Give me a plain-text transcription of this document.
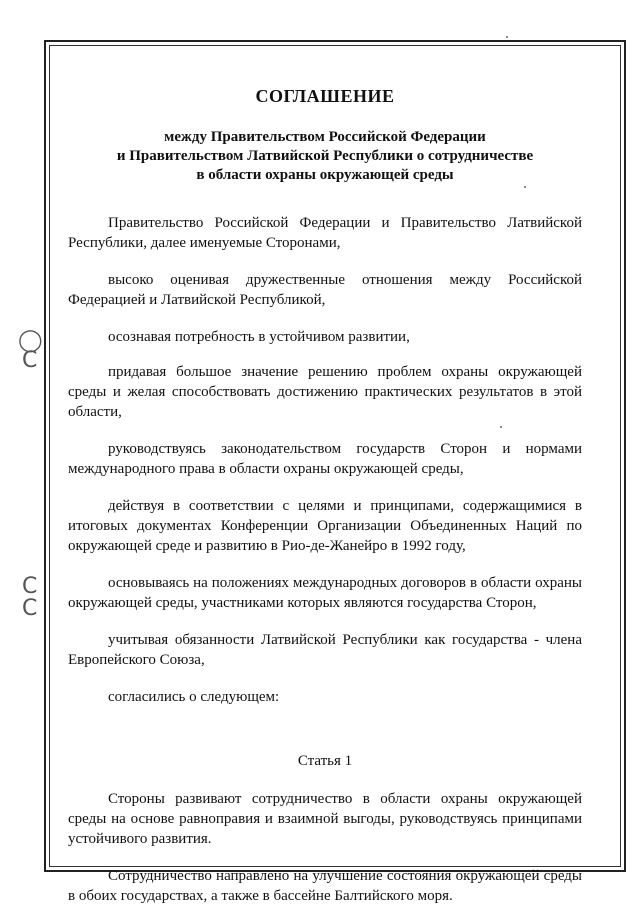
◯
C
C
C
СОГЛАШЕНИЕ
между Правительством Российской Федерации
и Правительством Латвийской Республики о сотрудничестве
в области охраны окружающей среды

Правительство Российской Федерации и Правительство Латвийской Республики, далее именуемые Сторонами,

высоко оценивая дружественные отношения между Российской Федерацией и Латвийской Республикой,

осознавая потребность в устойчивом развитии,

придавая большое значение решению проблем охраны окружающей среды и желая способствовать достижению практических результатов в этой области,

руководствуясь законодательством государств Сторон и нормами международного права в области охраны окружающей среды,

действуя в соответствии с целями и принципами, содержащимися в итоговых документах Конференции Организации Объединенных Наций по окружающей среде и развитию в Рио-де-Жанейро в 1992 году,

основываясь на положениях международных договоров в области охраны окружающей среды, участниками которых являются государства Сторон,

учитывая обязанности Латвийской Республики как государства - члена Европейского Союза,

согласились о следующем:

Статья 1

Стороны развивают сотрудничество в области охраны окружающей среды на основе равноправия и взаимной выгоды, руководствуясь принципами устойчивого развития.

Сотрудничество направлено на улучшение состояния окружающей среды в обоих государствах, а также в бассейне Балтийского моря.
